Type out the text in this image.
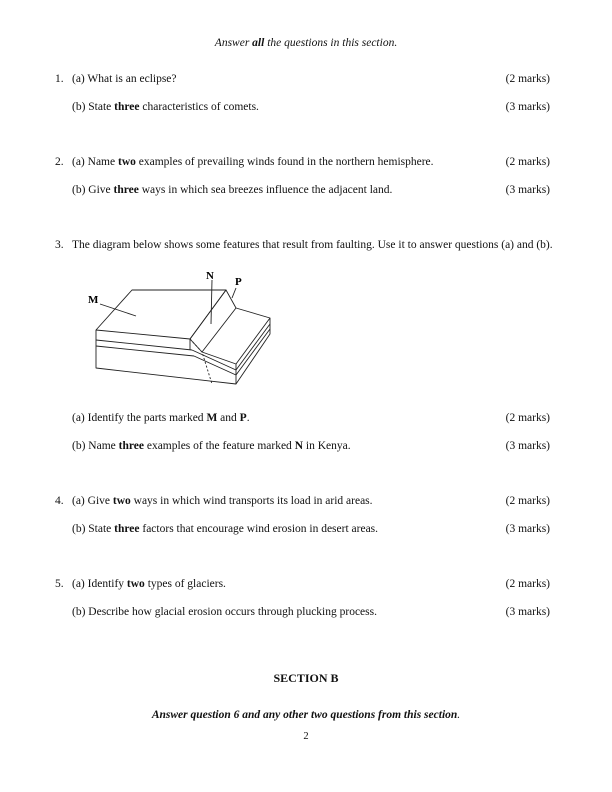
Answer all the questions in this section.
1. (a) What is an eclipse?	(2 marks)
(b) State three characteristics of comets.	(3 marks)
2. (a) Name two examples of prevailing winds found in the northern hemisphere.	(2 marks)
(b) Give three ways in which sea breezes influence the adjacent land.	(3 marks)
3. The diagram below shows some features that result from faulting. Use it to answer questions (a) and (b).
N P
M
(a) Identify the parts marked M and P.	(2 marks)
(b) Name three examples of the feature marked N in Kenya.	(3 marks)
4. (a) Give two ways in which wind transports its load in arid areas.	(2 marks)
(b) State three factors that encourage wind erosion in desert areas.	(3 marks)
5. (a) Identify two types of glaciers.	(2 marks)
(b) Describe how glacial erosion occurs through plucking process.	(3 marks)
SECTION B
Answer question 6 and any other two questions from this section.
2
